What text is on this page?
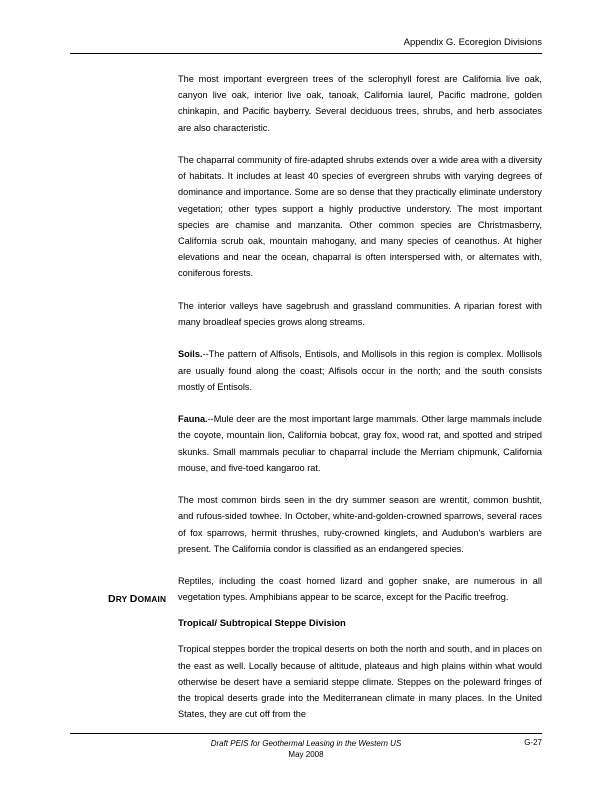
Appendix G. Ecoregion Divisions

The most important evergreen trees of the sclerophyll forest are California live oak, canyon live oak, interior live oak, tanoak, California laurel, Pacific madrone, golden chinkapin, and Pacific bayberry. Several deciduous trees, shrubs, and herb associates are also characteristic.

The chaparral community of fire-adapted shrubs extends over a wide area with a diversity of habitats. It includes at least 40 species of evergreen shrubs with varying degrees of dominance and importance. Some are so dense that they practically eliminate understory vegetation; other types support a highly productive understory. The most important species are chamise and manzanita. Other common species are Christmasberry, California scrub oak, mountain mahogany, and many species of ceanothus. At higher elevations and near the ocean, chaparral is often interspersed with, or alternates with, coniferous forests.

The interior valleys have sagebrush and grassland communities. A riparian forest with many broadleaf species grows along streams.

Soils.--The pattern of Alfisols, Entisols, and Mollisols in this region is complex. Mollisols are usually found along the coast; Alfisols occur in the north; and the south consists mostly of Entisols.

Fauna.--Mule deer are the most important large mammals. Other large mammals include the coyote, mountain lion, California bobcat, gray fox, wood rat, and spotted and striped skunks. Small mammals peculiar to chaparral include the Merriam chipmunk, California mouse, and five-toed kangaroo rat.

The most common birds seen in the dry summer season are wrentit, common bushtit, and rufous-sided towhee. In October, white-and-golden-crowned sparrows, several races of fox sparrows, hermit thrushes, ruby-crowned kinglets, and Audubon's warblers are present. The California condor is classified as an endangered species.

Reptiles, including the coast horned lizard and gopher snake, are numerous in all vegetation types. Amphibians appear to be scarce, except for the Pacific treefrog.

DRY DOMAIN

Tropical/ Subtropical Steppe Division

Tropical steppes border the tropical deserts on both the north and south, and in places on the east as well. Locally because of altitude, plateaus and high plains within what would otherwise be desert have a semiarid steppe climate. Steppes on the poleward fringes of the tropical deserts grade into the Mediterranean climate in many places. In the United States, they are cut off from the

Draft PEIS for Geothermal Leasing in the Western US
May 2008
G-27
